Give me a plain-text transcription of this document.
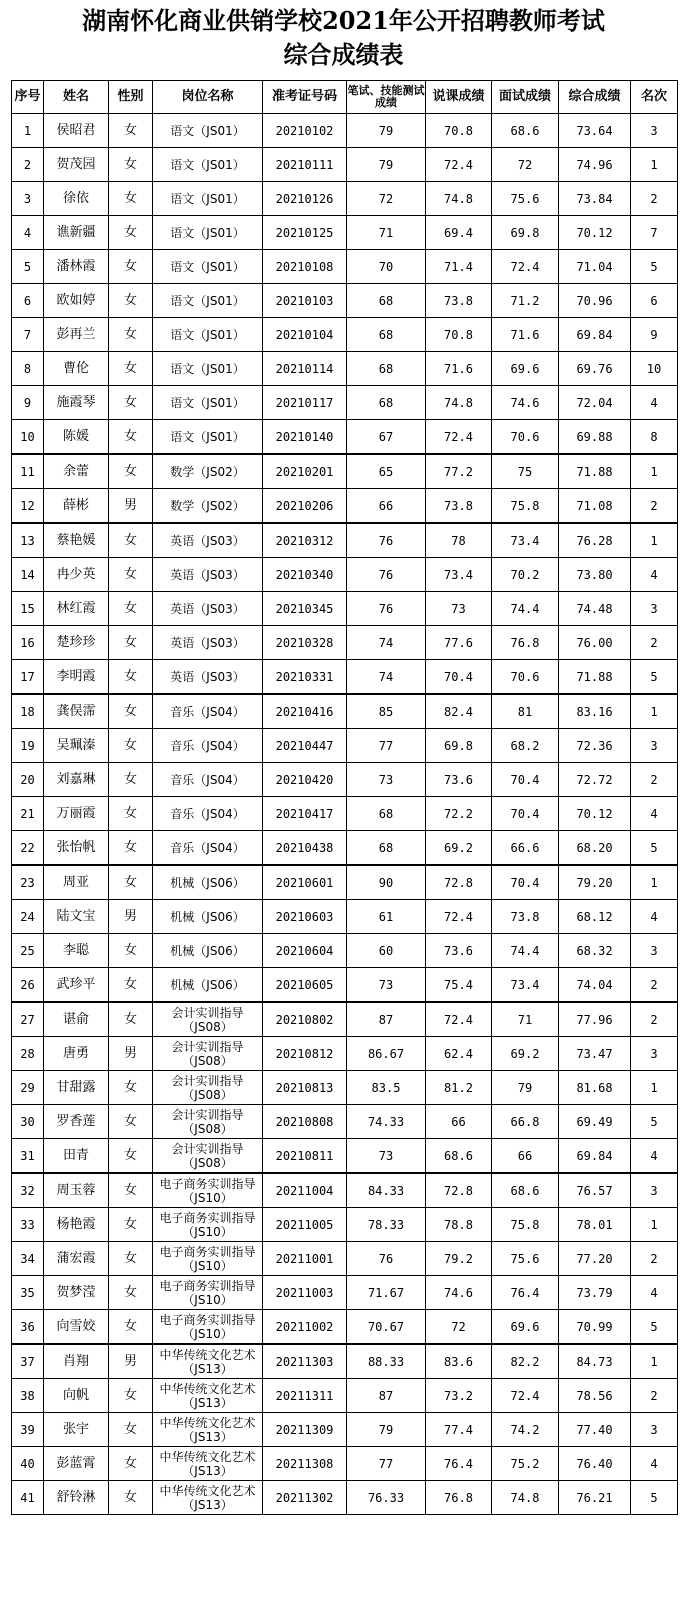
湖南怀化商业供销学校2021年公开招聘教师考试
综合成绩表
序号	姓名	性别	岗位名称	准考证号码	笔试、技能测试成绩	说课成绩	面试成绩	综合成绩	名次
1	侯昭君	女	语文（JS01）	20210102	79	70.8	68.6	73.64	3
2	贺茂园	女	语文（JS01）	20210111	79	72.4	72	74.96	1
3	徐依	女	语文（JS01）	20210126	72	74.8	75.6	73.84	2
4	谯新疆	女	语文（JS01）	20210125	71	69.4	69.8	70.12	7
5	潘林霞	女	语文（JS01）	20210108	70	71.4	72.4	71.04	5
6	欧如婷	女	语文（JS01）	20210103	68	73.8	71.2	70.96	6
7	彭再兰	女	语文（JS01）	20210104	68	70.8	71.6	69.84	9
8	曹伦	女	语文（JS01）	20210114	68	71.6	69.6	69.76	10
9	施霞琴	女	语文（JS01）	20210117	68	74.8	74.6	72.04	4
10	陈媛	女	语文（JS01）	20210140	67	72.4	70.6	69.88	8
11	余蕾	女	数学（JS02）	20210201	65	77.2	75	71.88	1
12	薛彬	男	数学（JS02）	20210206	66	73.8	75.8	71.08	2
13	蔡艳媛	女	英语（JS03）	20210312	76	78	73.4	76.28	1
14	冉少英	女	英语（JS03）	20210340	76	73.4	70.2	73.80	4
15	林红霞	女	英语（JS03）	20210345	76	73	74.4	74.48	3
16	楚珍珍	女	英语（JS03）	20210328	74	77.6	76.8	76.00	2
17	李明霞	女	英语（JS03）	20210331	74	70.4	70.6	71.88	5
18	龚俣霈	女	音乐（JS04）	20210416	85	82.4	81	83.16	1
19	吴珮溱	女	音乐（JS04）	20210447	77	69.8	68.2	72.36	3
20	刘嘉琳	女	音乐（JS04）	20210420	73	73.6	70.4	72.72	2
21	万丽霞	女	音乐（JS04）	20210417	68	72.2	70.4	70.12	4
22	张怡帆	女	音乐（JS04）	20210438	68	69.2	66.6	68.20	5
23	周亚	女	机械（JS06）	20210601	90	72.8	70.4	79.20	1
24	陆文宝	男	机械（JS06）	20210603	61	72.4	73.8	68.12	4
25	李聪	女	机械（JS06）	20210604	60	73.6	74.4	68.32	3
26	武珍平	女	机械（JS06）	20210605	73	75.4	73.4	74.04	2
27	谌俞	女	会计实训指导（JS08）	20210802	87	72.4	71	77.96	2
28	唐勇	男	会计实训指导（JS08）	20210812	86.67	62.4	69.2	73.47	3
29	甘甜露	女	会计实训指导（JS08）	20210813	83.5	81.2	79	81.68	1
30	罗香莲	女	会计实训指导（JS08）	20210808	74.33	66	66.8	69.49	5
31	田青	女	会计实训指导（JS08）	20210811	73	68.6	66	69.84	4
32	周玉蓉	女	电子商务实训指导（JS10）	20211004	84.33	72.8	68.6	76.57	3
33	杨艳霞	女	电子商务实训指导（JS10）	20211005	78.33	78.8	75.8	78.01	1
34	蒲宏霞	女	电子商务实训指导（JS10）	20211001	76	79.2	75.6	77.20	2
35	贺梦滢	女	电子商务实训指导（JS10）	20211003	71.67	74.6	76.4	73.79	4
36	向雪姣	女	电子商务实训指导（JS10）	20211002	70.67	72	69.6	70.99	5
37	肖翔	男	中华传统文化艺术（JS13）	20211303	88.33	83.6	82.2	84.73	1
38	向帆	女	中华传统文化艺术（JS13）	20211311	87	73.2	72.4	78.56	2
39	张宇	女	中华传统文化艺术（JS13）	20211309	79	77.4	74.2	77.40	3
40	彭蓝霄	女	中华传统文化艺术（JS13）	20211308	77	76.4	75.2	76.40	4
41	舒铃淋	女	中华传统文化艺术（JS13）	20211302	76.33	76.8	74.8	76.21	5
